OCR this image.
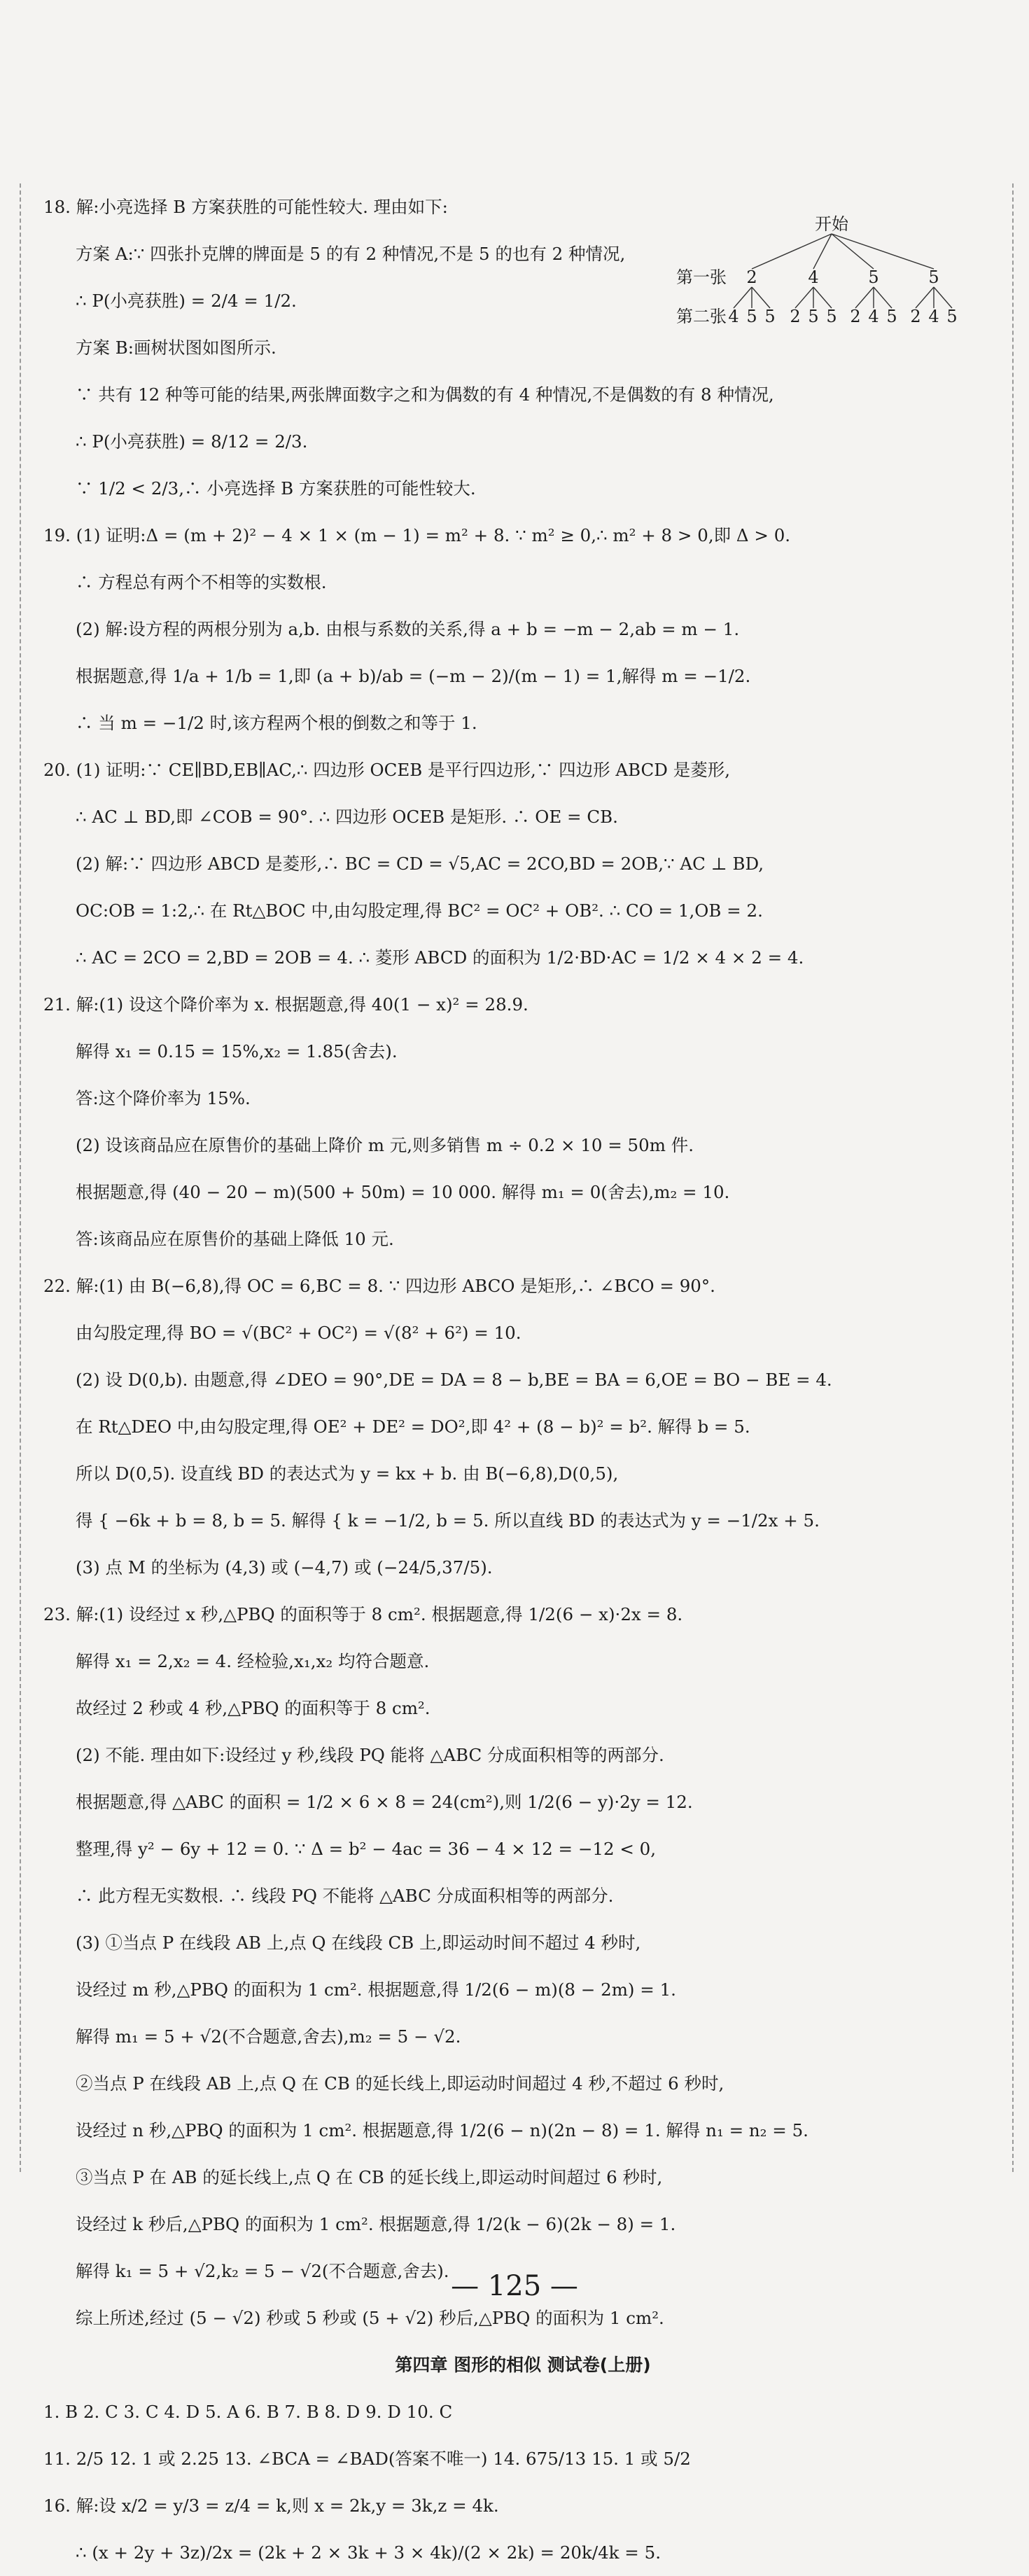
18. 解:小亮选择 B 方案获胜的可能性较大. 理由如下:
方案 A:∵ 四张扑克牌的牌面是 5 的有 2 种情况,不是 5 的也有 2 种情况,
∴ P(小亮获胜) = 2/4 = 1/2.
方案 B:画树状图如图所示.
∵ 共有 12 种等可能的结果,两张牌面数字之和为偶数的有 4 种情况,不是偶数的有 8 种情况,
∴ P(小亮获胜) = 8/12 = 2/3.
∵ 1/2 < 2/3,∴ 小亮选择 B 方案获胜的可能性较大.
19. (1) 证明:Δ = (m + 2)² − 4 × 1 × (m − 1) = m² + 8. ∵ m² ≥ 0,∴ m² + 8 > 0,即 Δ > 0.
∴ 方程总有两个不相等的实数根.
(2) 解:设方程的两根分别为 a,b. 由根与系数的关系,得 a + b = −m − 2,ab = m − 1.
根据题意,得 1/a + 1/b = 1,即 (a + b)/ab = (−m − 2)/(m − 1) = 1,解得 m = −1/2.
∴ 当 m = −1/2 时,该方程两个根的倒数之和等于 1.
20. (1) 证明:∵ CE∥BD,EB∥AC,∴ 四边形 OCEB 是平行四边形,∵ 四边形 ABCD 是菱形,
∴ AC ⊥ BD,即 ∠COB = 90°. ∴ 四边形 OCEB 是矩形. ∴ OE = CB.
(2) 解:∵ 四边形 ABCD 是菱形,∴ BC = CD = √5,AC = 2CO,BD = 2OB,∵ AC ⊥ BD,
OC:OB = 1:2,∴ 在 Rt△BOC 中,由勾股定理,得 BC² = OC² + OB². ∴ CO = 1,OB = 2.
∴ AC = 2CO = 2,BD = 2OB = 4. ∴ 菱形 ABCD 的面积为 1/2·BD·AC = 1/2 × 4 × 2 = 4.
21. 解:(1) 设这个降价率为 x. 根据题意,得 40(1 − x)² = 28.9.
解得 x₁ = 0.15 = 15%,x₂ = 1.85(舍去).
答:这个降价率为 15%.
(2) 设该商品应在原售价的基础上降价 m 元,则多销售 m ÷ 0.2 × 10 = 50m 件.
根据题意,得 (40 − 20 − m)(500 + 50m) = 10 000. 解得 m₁ = 0(舍去),m₂ = 10.
答:该商品应在原售价的基础上降低 10 元.
22. 解:(1) 由 B(−6,8),得 OC = 6,BC = 8. ∵ 四边形 ABCO 是矩形,∴ ∠BCO = 90°.
由勾股定理,得 BO = √(BC² + OC²) = √(8² + 6²) = 10.
(2) 设 D(0,b). 由题意,得 ∠DEO = 90°,DE = DA = 8 − b,BE = BA = 6,OE = BO − BE = 4.
在 Rt△DEO 中,由勾股定理,得 OE² + DE² = DO²,即 4² + (8 − b)² = b². 解得 b = 5.
所以 D(0,5). 设直线 BD 的表达式为 y = kx + b. 由 B(−6,8),D(0,5),
得 { −6k + b = 8, b = 5. 解得 { k = −1/2, b = 5. 所以直线 BD 的表达式为 y = −1/2x + 5.
(3) 点 M 的坐标为 (4,3) 或 (−4,7) 或 (−24/5,37/5).
23. 解:(1) 设经过 x 秒,△PBQ 的面积等于 8 cm². 根据题意,得 1/2(6 − x)·2x = 8.
解得 x₁ = 2,x₂ = 4. 经检验,x₁,x₂ 均符合题意.
故经过 2 秒或 4 秒,△PBQ 的面积等于 8 cm².
(2) 不能. 理由如下:设经过 y 秒,线段 PQ 能将 △ABC 分成面积相等的两部分.
根据题意,得 △ABC 的面积 = 1/2 × 6 × 8 = 24(cm²),则 1/2(6 − y)·2y = 12.
整理,得 y² − 6y + 12 = 0. ∵ Δ = b² − 4ac = 36 − 4 × 12 = −12 < 0,
∴ 此方程无实数根. ∴ 线段 PQ 不能将 △ABC 分成面积相等的两部分.
(3) ①当点 P 在线段 AB 上,点 Q 在线段 CB 上,即运动时间不超过 4 秒时,
设经过 m 秒,△PBQ 的面积为 1 cm². 根据题意,得 1/2(6 − m)(8 − 2m) = 1.
解得 m₁ = 5 + √2(不合题意,舍去),m₂ = 5 − √2.
②当点 P 在线段 AB 上,点 Q 在 CB 的延长线上,即运动时间超过 4 秒,不超过 6 秒时,
设经过 n 秒,△PBQ 的面积为 1 cm². 根据题意,得 1/2(6 − n)(2n − 8) = 1. 解得 n₁ = n₂ = 5.
③当点 P 在 AB 的延长线上,点 Q 在 CB 的延长线上,即运动时间超过 6 秒时,
设经过 k 秒后,△PBQ 的面积为 1 cm². 根据题意,得 1/2(k − 6)(2k − 8) = 1.
解得 k₁ = 5 + √2,k₂ = 5 − √2(不合题意,舍去).
综上所述,经过 (5 − √2) 秒或 5 秒或 (5 + √2) 秒后,△PBQ 的面积为 1 cm².
第四章 图形的相似 测试卷(上册)
1. B 2. C 3. C 4. D 5. A 6. B 7. B 8. D 9. D 10. C
11. 2/5 12. 1 或 2.25 13. ∠BCA = ∠BAD(答案不唯一) 14. 675/13 15. 1 或 5/2
16. 解:设 x/2 = y/3 = z/4 = k,则 x = 2k,y = 3k,z = 4k.
∴ (x + 2y + 3z)/2x = (2k + 2 × 3k + 3 × 4k)/(2 × 2k) = 20k/4k = 5.
开始
第一张
第二张
2
4 5 5
4
2 5 5
5
2 4 5
5
2 4 5
— 125 —
